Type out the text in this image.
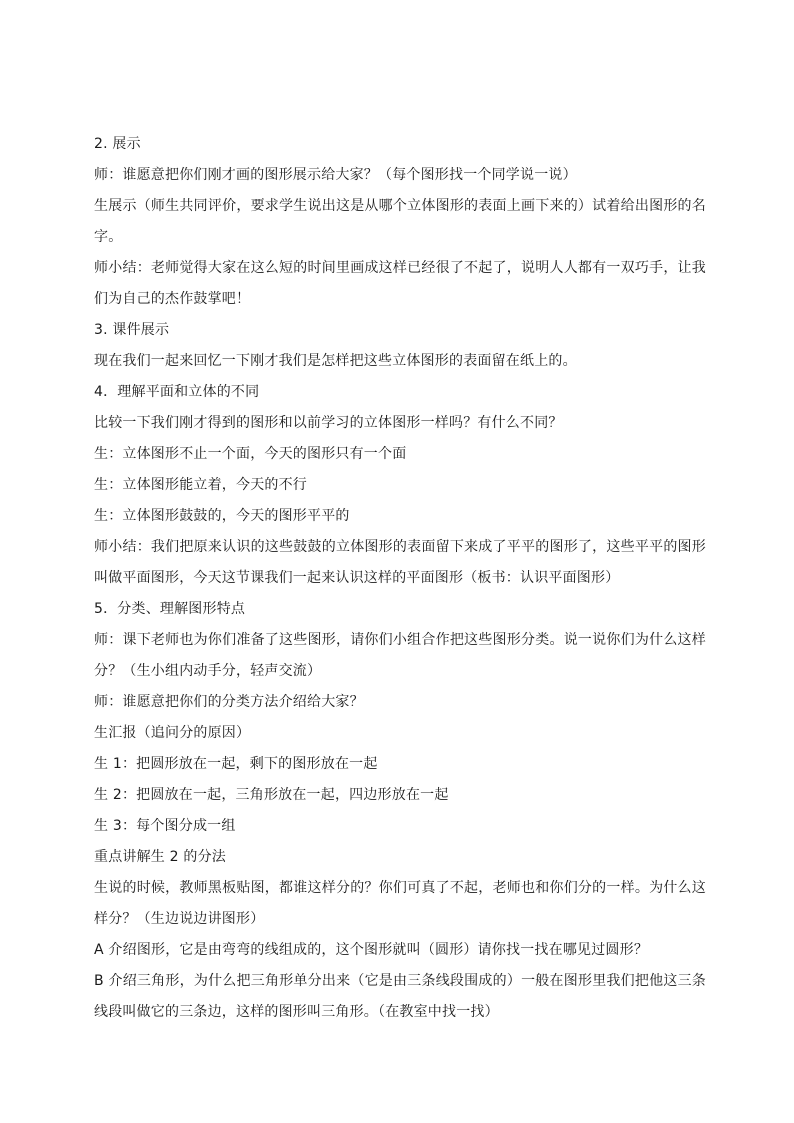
2. 展示
师：谁愿意把你们刚才画的图形展示给大家？（每个图形找一个同学说一说）
生展示（师生共同评价，要求学生说出这是从哪个立体图形的表面上画下来的）试着给出图形的名
字。
师小结：老师觉得大家在这么短的时间里画成这样已经很了不起了，说明人人都有一双巧手，让我
们为自己的杰作鼓掌吧！
3. 课件展示
现在我们一起来回忆一下刚才我们是怎样把这些立体图形的表面留在纸上的。
4．理解平面和立体的不同
比较一下我们刚才得到的图形和以前学习的立体图形一样吗？有什么不同？
生：立体图形不止一个面，今天的图形只有一个面
生：立体图形能立着，今天的不行
生：立体图形鼓鼓的，今天的图形平平的
师小结：我们把原来认识的这些鼓鼓的立体图形的表面留下来成了平平的图形了，这些平平的图形
叫做平面图形，今天这节课我们一起来认识这样的平面图形（板书：认识平面图形）
5．分类、理解图形特点
师：课下老师也为你们准备了这些图形，请你们小组合作把这些图形分类。说一说你们为什么这样
分？（生小组内动手分，轻声交流）
师：谁愿意把你们的分类方法介绍给大家？
生汇报（追问分的原因）
生 1：把圆形放在一起，剩下的图形放在一起
生 2：把圆放在一起，三角形放在一起，四边形放在一起
生 3：每个图分成一组
重点讲解生 2 的分法
生说的时候，教师黑板贴图，都谁这样分的？你们可真了不起，老师也和你们分的一样。为什么这
样分？（生边说边讲图形）
A 介绍图形，它是由弯弯的线组成的，这个图形就叫（圆形）请你找一找在哪见过圆形？
B 介绍三角形，为什么把三角形单分出来（它是由三条线段围成的）一般在图形里我们把他这三条
线段叫做它的三条边，这样的图形叫三角形。（在教室中找一找）
